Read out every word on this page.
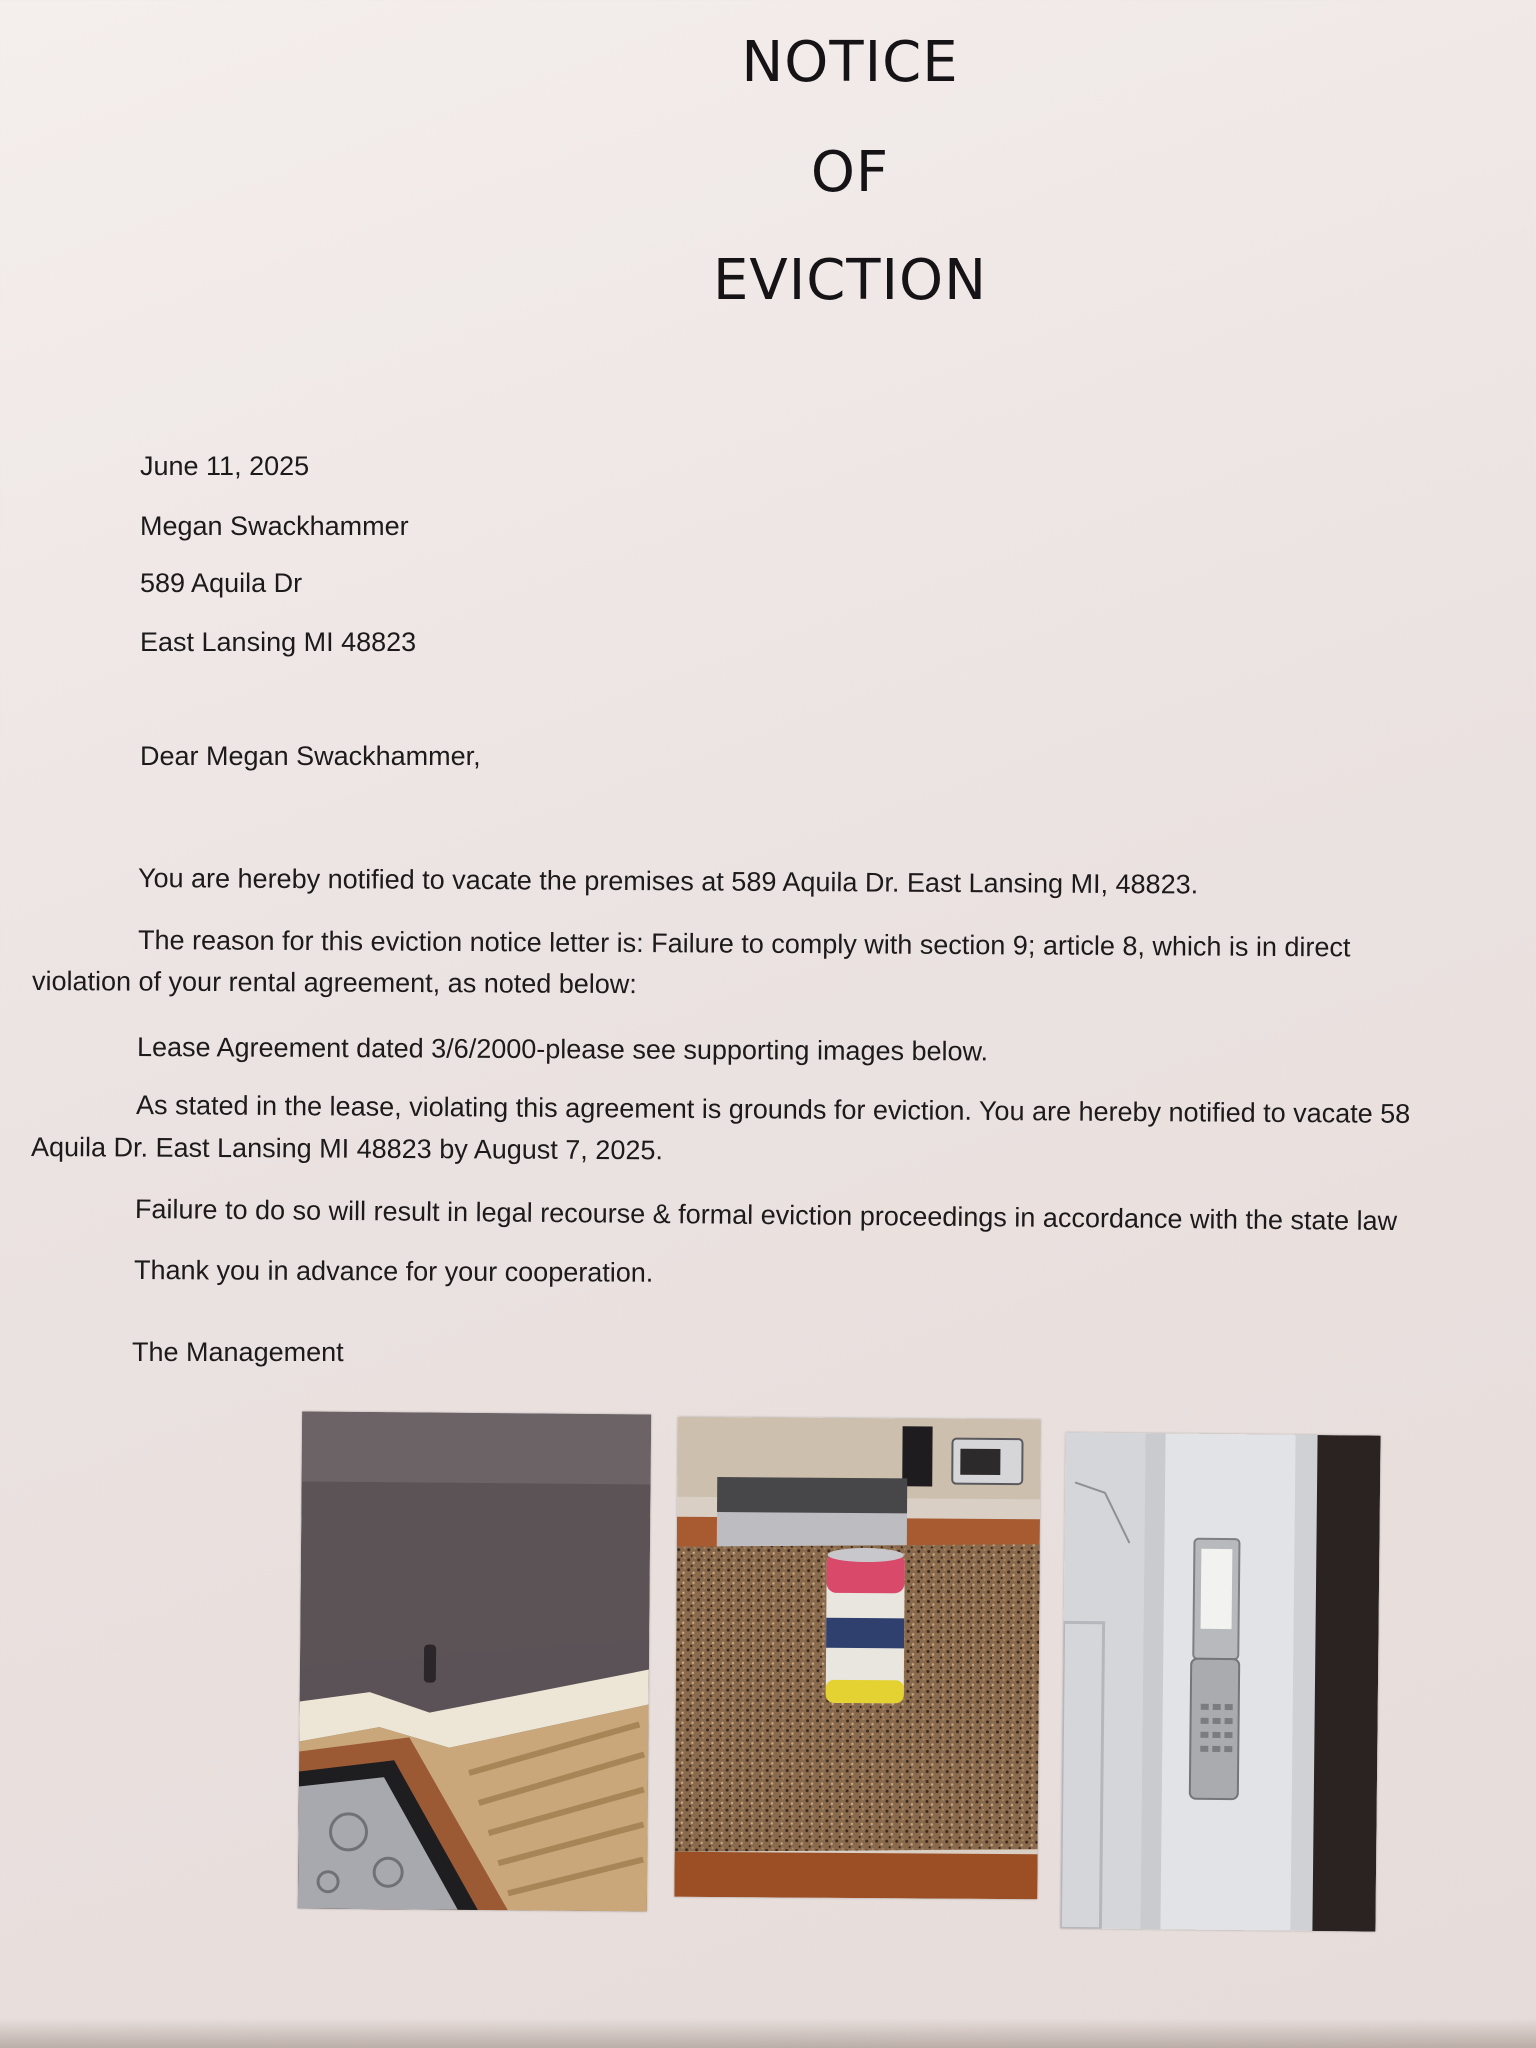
NOTICE
OF
EVICTION
June 11, 2025
Megan Swackhammer
589 Aquila Dr
East Lansing MI 48823
Dear Megan Swackhammer,
You are hereby notified to vacate the premises at 589 Aquila Dr. East Lansing MI, 48823.
The reason for this eviction notice letter is: Failure to comply with section 9; article 8, which is in direct
violation of your rental agreement, as noted below:
Lease Agreement dated 3/6/2000-please see supporting images below.
As stated in the lease, violating this agreement is grounds for eviction. You are hereby notified to vacate 58
Aquila Dr. East Lansing MI 48823 by August 7, 2025.
Failure to do so will result in legal recourse & formal eviction proceedings in accordance with the state law
Thank you in advance for your cooperation.
The Management
